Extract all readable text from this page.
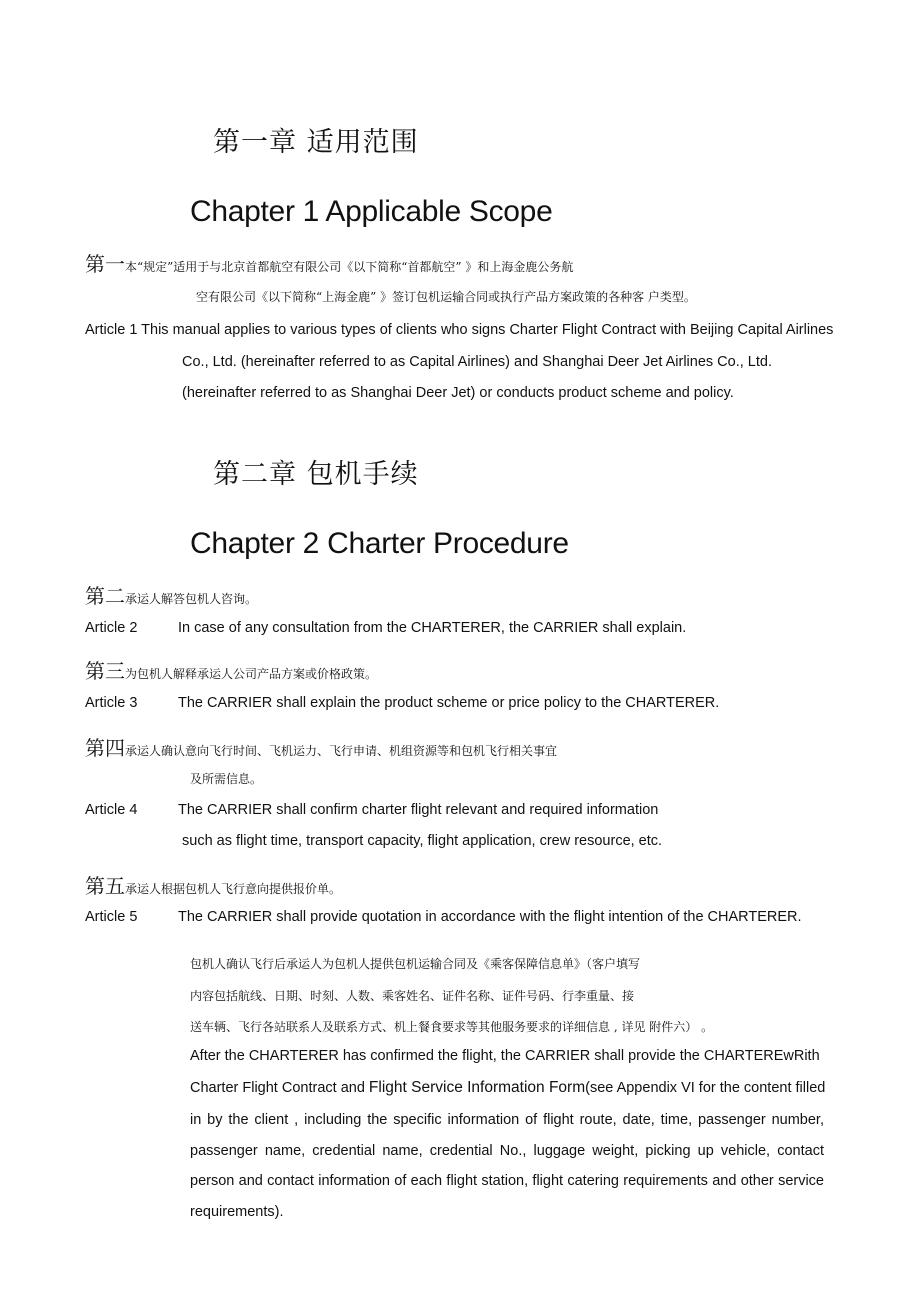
第一章 适用范围
Chapter 1 Applicable Scope
第一本“规定”适用于与北京首都航空有限公司《以下简称“首都航空” 》和上海金鹿公务航
空有限公司《以下简称“上海金鹿” 》签订包机运输合同或执行产品方案政策的各种客 户类型。
Article 1 This manual applies to various types of clients who signs Charter Flight Contract with Beijing Capital Airlines
Co., Ltd. (hereinafter referred to as Capital Airlines) and Shanghai Deer Jet Airlines Co., Ltd.
(hereinafter referred to as Shanghai Deer Jet) or conducts product scheme and policy.
第二章 包机手续
Chapter 2 Charter Procedure
第二承运人解答包机人咨询。
Article 2	In case of any consultation from the CHARTERER, the CARRIER shall explain.
第三为包机人解释承运人公司产品方案或价格政策。
Article 3	The CARRIER shall explain the product scheme or price policy to the CHARTERER.
第四承运人确认意向飞行时间、飞机运力、飞行申请、机组资源等和包机飞行相关事宜
及所需信息。
Article 4	The CARRIER shall confirm charter flight relevant and required information
such as flight time, transport capacity, flight application, crew resource, etc.
第五承运人根据包机人飞行意向提供报价单。
Article 5	The CARRIER shall provide quotation in accordance with the flight intention of the CHARTERER.
包机人确认飞行后承运人为包机人提供包机运输合同及《乘客保障信息单》（客户填写
内容包括航线、日期、时刻、人数、乘客姓名、证件名称、证件号码、行李重量、接
送车辆、飞行各站联系人及联系方式、机上餐食要求等其他服务要求的详细信息 , 详见 附件六） 。
After the CHARTERER has confirmed the flight, the CARRIER shall provide the CHARTEREwRith
Charter Flight Contract and Flight Service Information Form(see Appendix VI for the content filled
in by the client , including the specific information of flight route, date, time, passenger number,
passenger name, credential name, credential No., luggage weight, picking up vehicle, contact
person and contact information of each flight station, flight catering requirements and other service
requirements).
